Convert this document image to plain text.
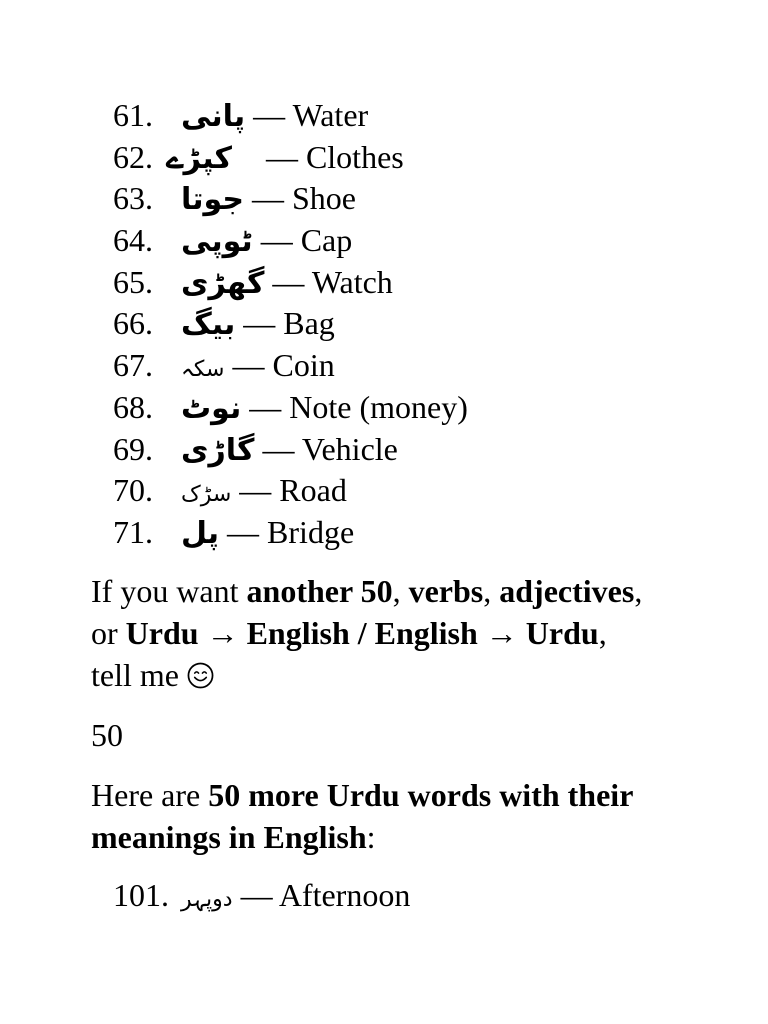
61. پانی — Water
62. کپڑے — Clothes
63. جوتا — Shoe
64. ٹوپی — Cap
65. گھڑی — Watch
66. بیگ — Bag
67. سکہ — Coin
68. نوٹ — Note (money)
69. گاڑی — Vehicle
70. سڑک — Road
71. پل — Bridge

If you want another 50, verbs, adjectives, or Urdu → English / English → Urdu, tell me

50

Here are 50 more Urdu words with their meanings in English:

101. دوپہر — Afternoon
